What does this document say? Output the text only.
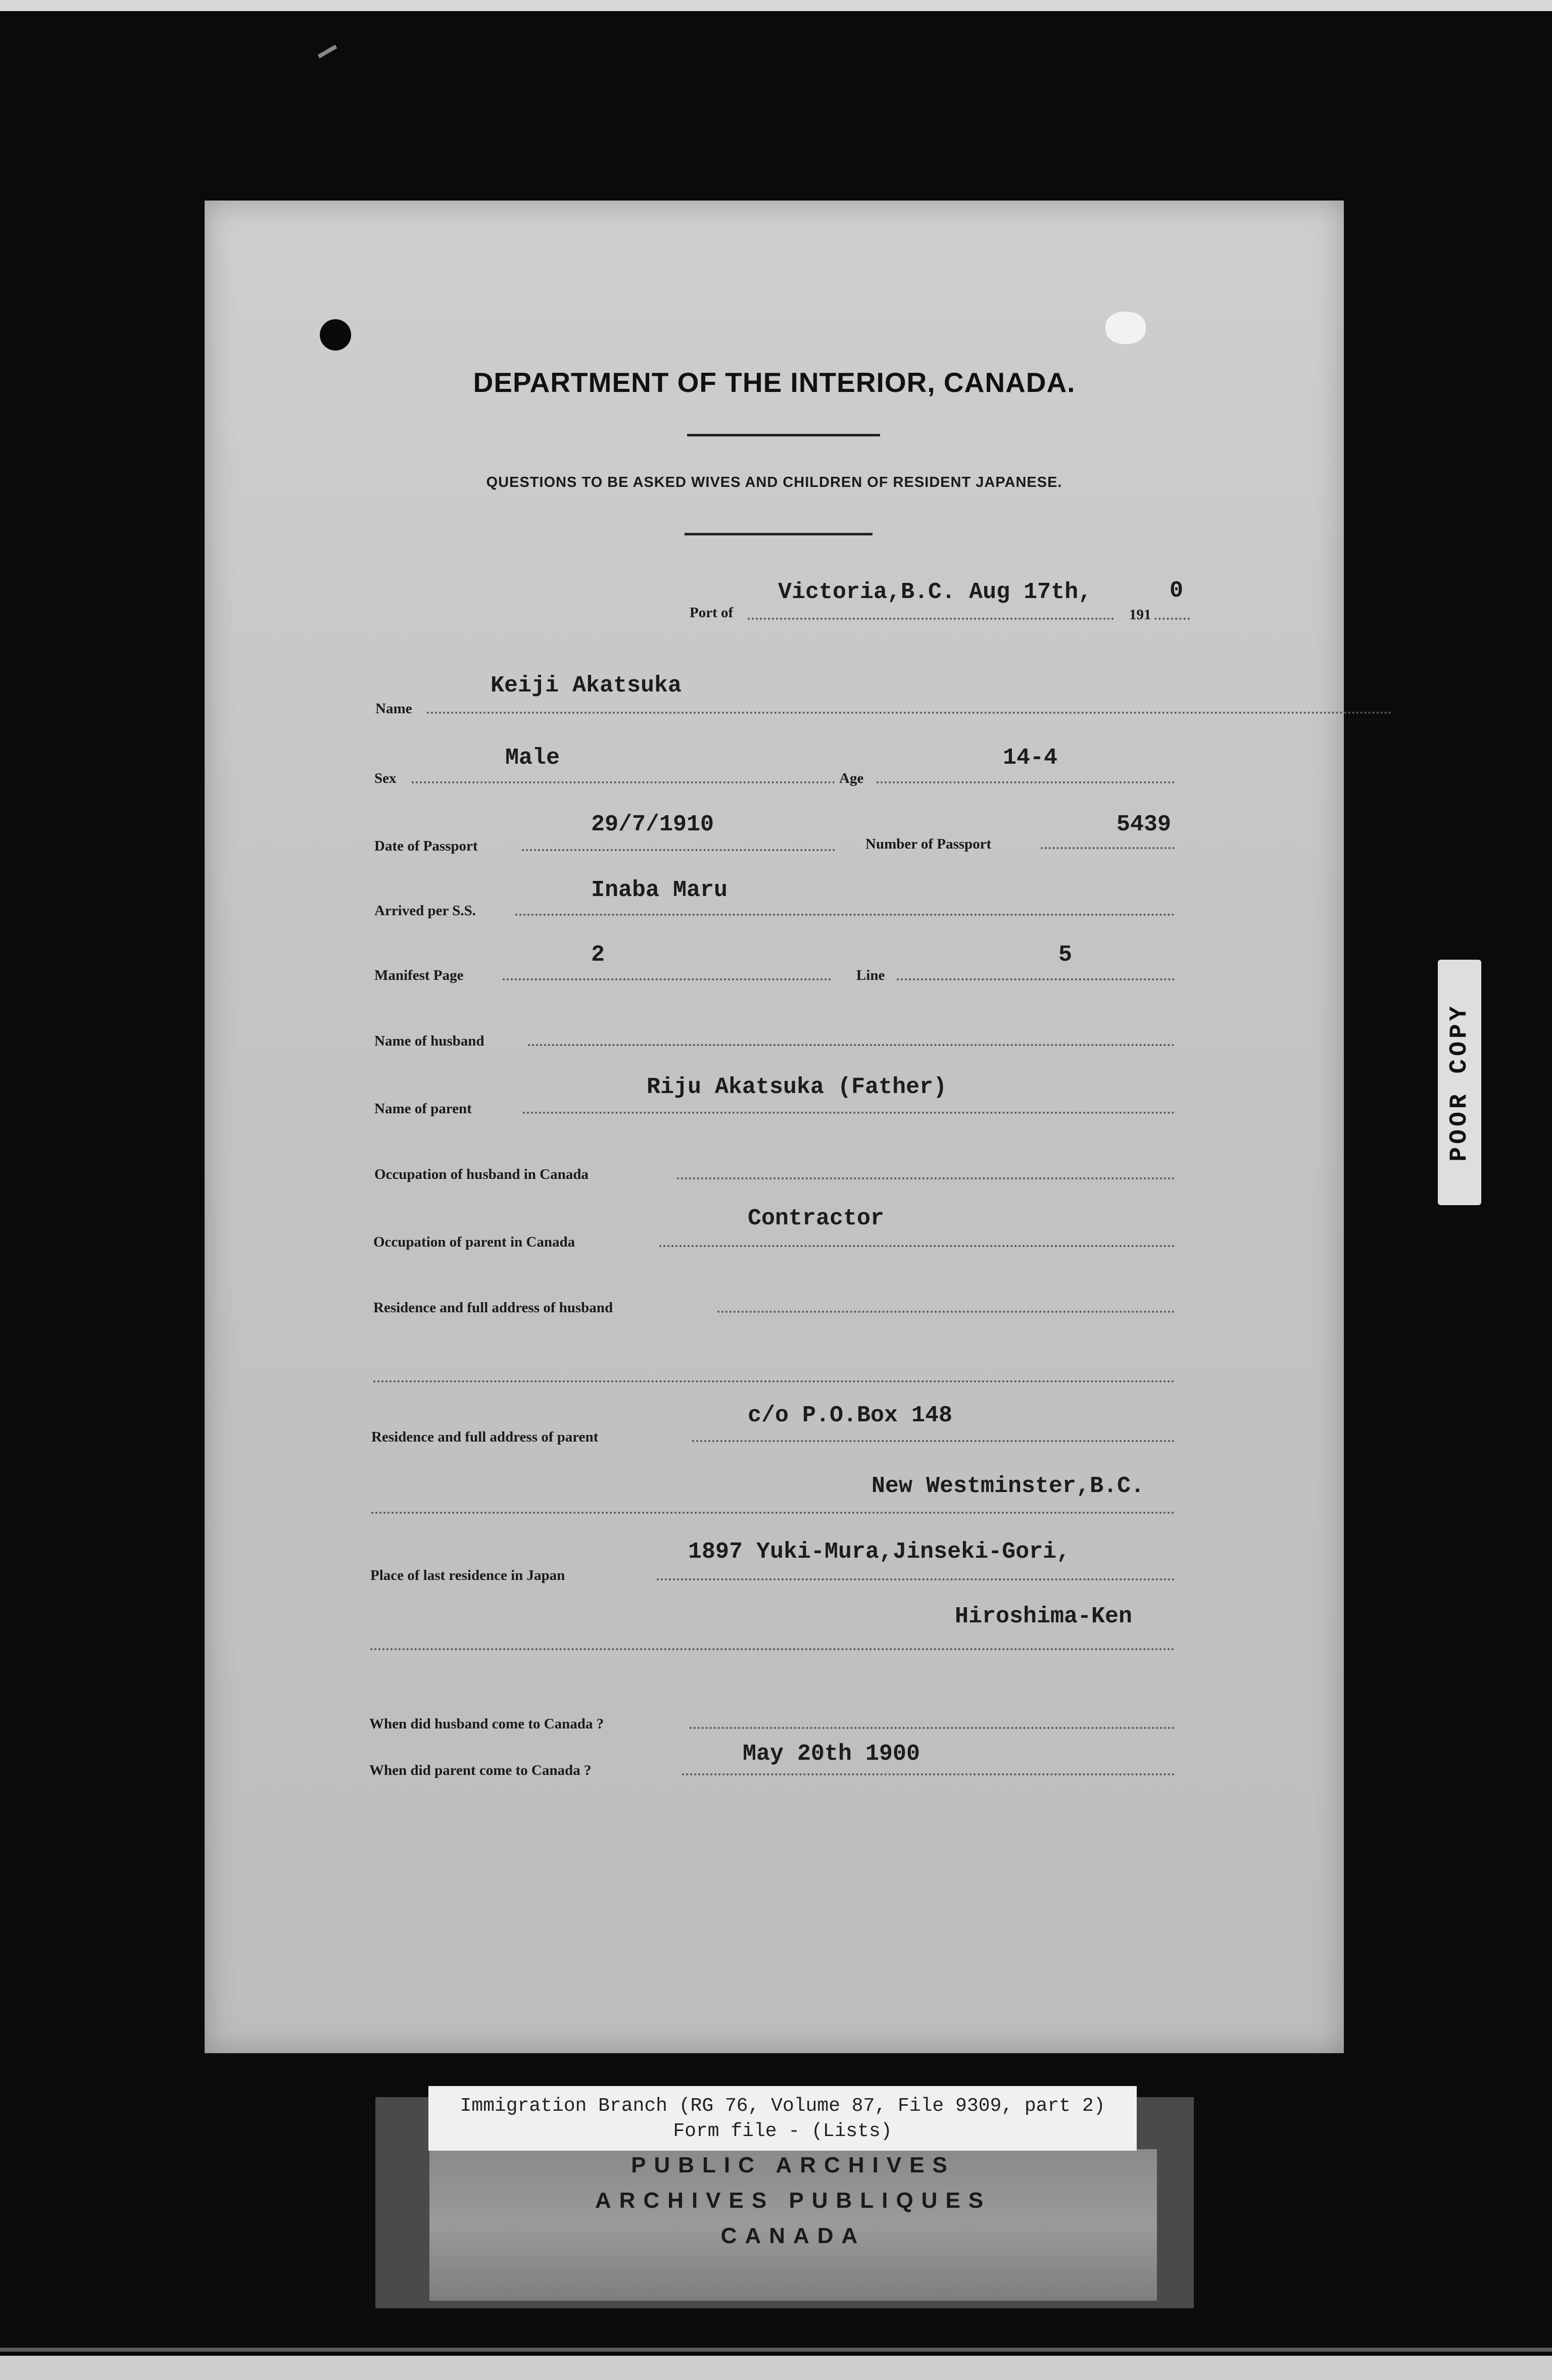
DEPARTMENT OF THE INTERIOR, CANADA.
QUESTIONS TO BE ASKED WIVES AND CHILDREN OF RESIDENT JAPANESE.
Port of
Victoria,B.C. Aug 17th,
191
0
Name
Keiji Akatsuka
Sex
Male
Age
14-4
Date of Passport
29/7/1910
Number of Passport
5439
Arrived per S.S.
Inaba Maru
Manifest Page
2
Line
5
Name of husband
Name of parent
Riju Akatsuka (Father)
Occupation of husband in Canada
Occupation of parent in Canada
Contractor
Residence and full address of husband
Residence and full address of parent
c/o P.O.Box 148
New Westminster,B.C.
Place of last residence in Japan
1897 Yuki-Mura,Jinseki-Gori,
Hiroshima-Ken
When did husband come to Canada ?
When did parent come to Canada ?
May 20th 1900
POOR COPY
Immigration Branch (RG 76, Volume 87, File 9309, part 2)
Form file - (Lists)
PUBLIC ARCHIVES
ARCHIVES PUBLIQUES
CANADA
